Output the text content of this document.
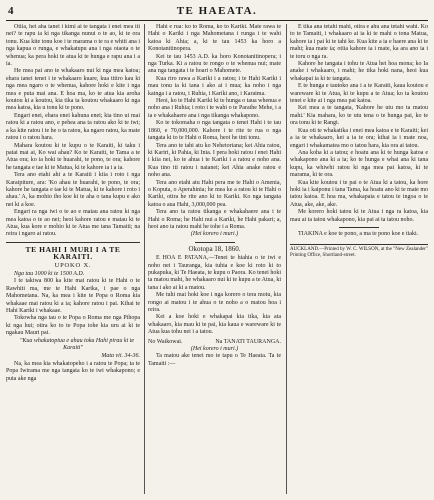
4	TE HAEATA.

Otiia, hei aha ianei i kimi ai te tangata i enei mea iti nei? te rapu ia ki nga tikanga nunui o te ao, ki te ora tonu. Kua kite tonu koe i te marama o te ra e whiti ana i nga kapua o runga, e whakatupu ana i nga otaota o te whenua; ka pera hoki te atua ki te hunga e rapu ana i a ia.

He mea pai ano te whakaaro nui ki nga mea katoa; ehara ianei tenei i te whakaaro kuare, kua titiro kau ki nga mea ngaro o te whenua, kahore hoki e kite i nga mea e puta mai ana. E hoa ma, ko te atua kia aroha koutou ki a koutou, kia tika ta koutou whakaaro ki nga mea katoa, kia u tonu ki te pono.

Engari enei, ehara enei kahuna enei; kia tino ui mai ratou ki a ratou ano, e pehea ana ta ratou ako ki te iwi; a ka kite ratou i te he o ta ratou, ka ngaro ratou, ka mate ratou i o ratou hara.

Mahara koutou ki te kupu o te Karaiti, ki taku i patai mai ai, Ko wai ahau? Ko te Karaiti, te Tama a te Atua ora; ko ia hoki te huarahi, te pono, te ora; kahore he tangata e tae ki te Matua, ki te kahore ia i a ia.

Tera ano etahi ahi a te Karaiti i kiia i roto i nga Karaipiture, ara: 'Ko ahau te huarahi, te pono, te ora; kahore he tangata e tae ki te Matua, ki te kahore i roto i ahau.' A, ka mohio iho koe ki te aha o tana kupu e ako nei ki a koe.

Engari ra nga iwi o te ao e matau ana ratou ki nga mea katoa o te ao nei; heoi kahore ratou e matau ki te Atua, kua kore e mohio ki te Atua me tana Tamaiti; na reira i ngaro ai ratou.

TE HAHI I MURI I A TE KARAITI.
UPOKO X.

Nga tau 1000 ki te 1500 A.D.

I te takiwa 800 ka kite mai ratou ki te Hahi o te Rawhiti ma, me te Hahi Karika, i pae o nga Mahometana. Na, ka mea i kite te Popa o Roma kia whakaae mai ratou ki a ia; kahore ratou i pai. Kihai te Hahi Kariki i whakaae.

Tokowha nga tau o te Popa o Roma me nga Pihopa ki nga hui; otira ko to te Popa tohe kia uru ai ki te ngakau Mauri pai.

"Kua whakatopiua e ahau toku Hahi pirau ki te Karaiti"

Mata vii. 34-36.

Na, ka mea kia whakatopeho i a ratou te Popa; ta te Popa Iwirama me nga tangata ko te iwi whakapono; e puta ake nga

Hahi e rua: ko to Roma, ko to Kariki. Mate rawa te Hahi o Kariki i nga Mahometana i runga i te wahi katoa ki Ahia; a, ki te tau 1453 ka horo a Konotanitinopera.

Kei te tau 1453 A.D. ka horo Konotanitinopera; i nga Turka. Ki a ratou te rongo o te whenua nui; mate ana nga tangata i te hoari o Mahomete.

Kua riro rawa a Kariki i a ratou; i te Hahi Kariki i mau tonu ia ki tana i ako ai i mua; ka noho i nga kainga i a ratou, i Ruhia, i Kariki ano, i Karaima.

Heoi, ko te Hahi Kariki ki te hunga o taua whenua e noho ana i Ruhia; i roto i te wahi o te Paraihe Mehe, i a ia e whakahaere ana i nga tikanga whakapono.

Ko te tokomaha o nga tangata o tenei Hahi i te tau 1860, e 70,000,000. Kahore i te rite te rua o nga tangata ki to te Hahi o Roma, heoi he tini tonu.

Tera ano te tahi atu ko Nehetoriana; kei Ahia ratou, ki Kariri, ki Pahia, ki Inia. I pera hoki ratou i enei Hahi i kiia nei, ko te ahua i te Kariki i a ratou e noho ana. Kua tino iti ratou i naianei; kei Ahia anake ratou e noho ana.

Tera ano etahi atu Hahi pera me te Hahi o Amenia, o Koputa, o Aperahinia; he mea ke a ratou ki te Hahi o Kariki, otira he rite ano ki to Kariki. Ko nga tangata katoa o aua Hahi, 3,000,000 pea.

Tera ano ta ratou tikanga e whakahaere ana i te Hahi o Roma; he Hahi nui a Kariki, he Hahi pakari; a, heoi ano ta ratou mahi he tohe i a Roma.

(Hei korero i muri.)
Okotopa 18, 1860.

E HOA E PATANA,—Tenei te hiahia o te iwi e noho nei i Tauranga, kia tuhia e koe ki roto ki to pukapuka, ki Te Haeata, te kupu o Paora. Ko tenei hoki ta matou mahi, he whakaaro nui ki te kupu a te Atua, ki tana i ako ai ki a matou.

Me tuhi mai hoki koe i nga korero o tera motu, kia rongo ai matou i te ahua o te noho a o matou hoa i reira.

Kei a koe hoki e whakapai kia tika, kia ata whakaaro, kia mau ki te pai, kia kaua e wareware ki te Atua kua tohu nei i a tatou.

No Waikowai.	Na TANATI TAURANGA.
(Hei korero i muri.)

Ta matou ake tenei mo te tapu o Te Haeata. Ta te Tamaiti :—

E tika ana tetahi mahi, otira e ahu ana tetahi wahi. Ko to te Tamaiti, i whakaaro ai ia ki te mahi o tona Matua, kahore ia i pai ki te tahi ke. Kua kite a ia e haere ana ki te mahi; kua mate ia; otiia kahore ia i mate, ka ara ano ia i te toru o nga ra.

Kahore he tangata i tohu te Atua hei hoa mona; ko Ia anake i whakaaro, i mahi; he tika hoki nana, heoi kua whakapai ia ki te tangata.

E te hunga e tautoko ana i a te Karaiti, kaua koutou e wareware ki te Atua, ki te kupu a te Atua; ko ta koutou tenei e kite ai i nga mea pai katoa.

Kei mea a te tangata, 'Kahore he utu mo ta matou mahi.' Kia mahara, ko te utu tena o te hunga pai, ko te ora tonu ki te Rangi.

Kua oti te whakatika i enei mea katoa e te Karaiti; kei a ia te whakaaro, kei a ia te ora; kihai ia i mate noa, engari i whakamatea mo o tatou hara, kia ora ai tatou.

Ana koha ki a tatou; e hoatu ana ki te hunga katoa e whakapono ana ki a ia; ko te hunga e whai ana ki tana kupu, ka whiwhi ratou ki nga mea pai katoa, ki te marama, ki te ora.

Kua kite koutou i te pai o te Atua ki a tatou, ka hore hoki ia i kaiponu i tana Tama, ka hoatu ano ki te mate mo tatou katoa. E hoa ma, whakapaia e tatou te ingoa o te Atua, ake, ake, ake.

Me korero hoki tatou ki te Atua i nga ra katoa, kia mau ai ta tatou whakapono, kia pai ai ta tatou noho.

TIAKINA e koe te pono, a ma te pono koe e tiaki.

AUCKLAND.—Printed by W. C. WILSON, at the "New Zealander" Printing Office, Shortland-street.
